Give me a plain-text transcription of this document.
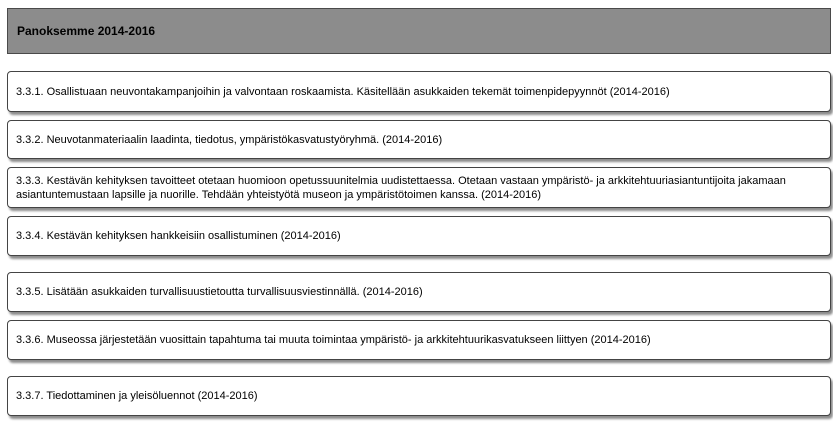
Panoksemme 2014-2016
3.3.1. Osallistuaan neuvontakampanjoihin ja valvontaan roskaamista. Käsitellään asukkaiden tekemät toimenpidepyynnöt (2014-2016)
3.3.2. Neuvotanmateriaalin laadinta, tiedotus, ympäristökasvatustyöryhmä. (2014-2016)
3.3.3. Kestävän kehityksen tavoitteet otetaan huomioon opetussuunitelmia uudistettaessa. Otetaan vastaan ympäristö- ja arkkitehtuuriasiantuntijoita jakamaan asiantuntemustaan lapsille ja nuorille. Tehdään yhteistyötä museon ja ympäristötoimen kanssa. (2014-2016)
3.3.4. Kestävän kehityksen hankkeisiin osallistuminen (2014-2016)
3.3.5. Lisätään asukkaiden turvallisuustietoutta turvallisuusviestinnällä. (2014-2016)
3.3.6. Museossa järjestetään vuosittain tapahtuma tai muuta toimintaa ympäristö- ja arkkitehtuurikasvatukseen liittyen (2014-2016)
3.3.7. Tiedottaminen ja yleisöluennot (2014-2016)
